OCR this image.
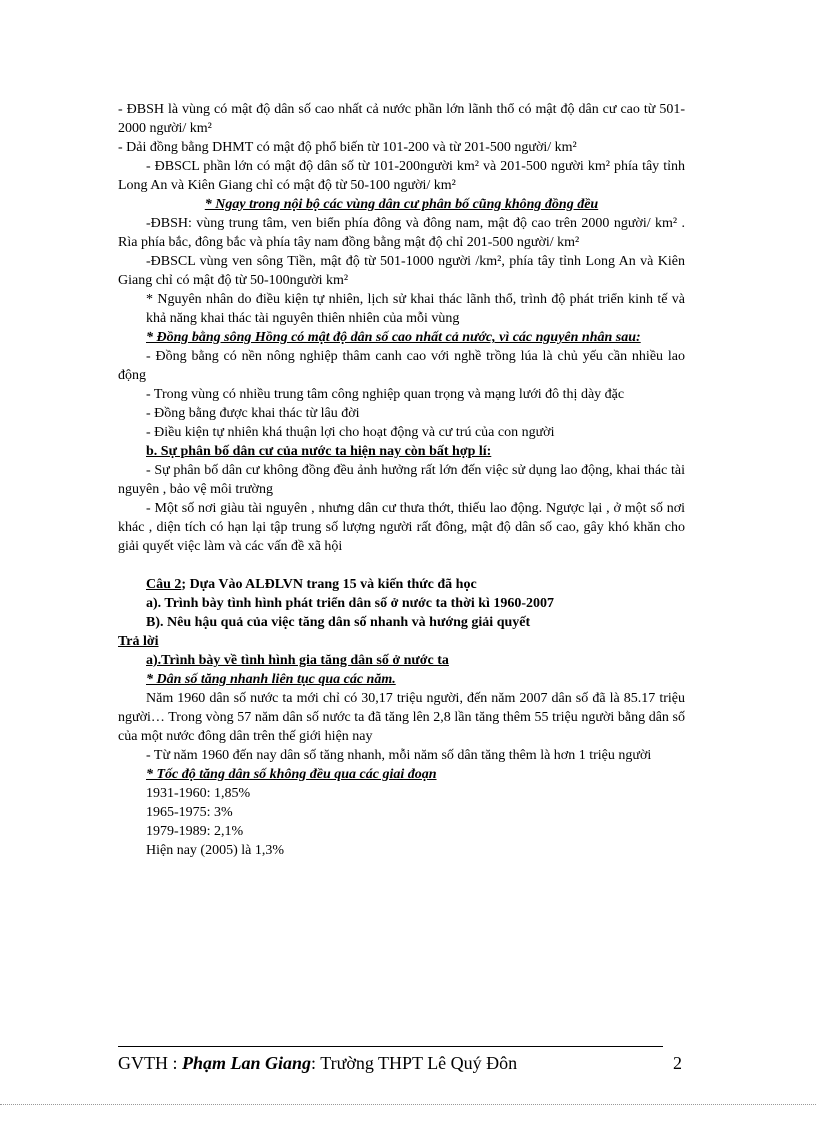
- ĐBSH là vùng có mật độ dân số cao nhất cả nước phần lớn lãnh thổ có mật độ dân cư cao từ 501-2000 người/ km²

- Dải đồng bằng DHMT có mật độ phổ biến từ 101-200 và từ 201-500 người/ km²

- ĐBSCL phần lớn có mật độ dân số từ 101-200người km² và 201-500 người km² phía tây tỉnh Long An và Kiên Giang chỉ có mật độ từ 50-100 người/ km²

* Ngay trong nội bộ các vùng dân cư phân bố cũng không đồng đều

-ĐBSH: vùng trung tâm, ven biển phía đông và đông nam, mật độ cao trên 2000 người/ km² . Rìa phía bắc, đông bắc và phía tây nam đồng bằng mật độ chỉ 201-500 người/ km²

-ĐBSCL vùng ven sông Tiền, mật độ từ 501-1000 người /km², phía tây tỉnh Long An và Kiên Giang chỉ có mật độ từ 50-100người km²

* Nguyên nhân do điều kiện tự nhiên, lịch sử khai thác lãnh thổ, trình độ phát triển kinh tế và khả năng khai thác tài nguyên thiên nhiên của mỗi vùng

* Đồng bằng sông Hồng có mật độ dân số cao nhất cả nước, vì các nguyên nhân sau:

- Đồng bằng có nền nông nghiệp thâm canh cao với nghề trồng lúa là chủ yếu cần nhiều lao động

- Trong vùng có nhiều trung tâm công nghiệp quan trọng và mạng lưới đô thị dày đặc

- Đồng bằng được khai thác từ lâu đời

- Điều kiện tự nhiên khá thuận lợi cho hoạt động và cư trú của con người

b. Sự phân bố dân cư của nước ta hiện nay còn bất hợp lí:

- Sự phân bố dân cư không đồng đều ảnh hưởng rất lớn đến việc sử dụng lao động, khai thác tài nguyên , bảo vệ môi trường

- Một số nơi giàu tài nguyên , nhưng dân cư thưa thớt, thiếu lao động. Ngược lại , ở một số nơi khác , diện tích có hạn lại tập trung số lượng người rất đông, mật độ dân số cao, gây khó khăn cho giải quyết việc làm và các vấn đề xã hội

Câu 2; Dựa Vào ALĐLVN trang 15 và kiến thức đã học

a). Trình bày tình hình phát triển dân số ở nước ta thời kì 1960-2007

B). Nêu hậu quả của việc tăng dân số nhanh và hướng giải quyết

Trả lời

a).Trình bày về tình hình gia tăng dân số ở nước ta

* Dân số tăng nhanh liên tục qua các năm.

Năm 1960 dân số nước ta mới chỉ có 30,17 triệu người, đến năm 2007 dân số đã là 85.17 triệu người… Trong vòng 57 năm dân số nước ta đã tăng lên 2,8 lần tăng thêm 55 triệu người bằng dân số của một nước đông dân trên thế giới hiện nay

- Từ năm 1960 đến nay dân số tăng nhanh, mỗi năm số dân tăng thêm là hơn 1 triệu người

* Tốc độ tăng dân số không đều qua các giai đoạn

1931-1960: 1,85%

1965-1975: 3%

1979-1989: 2,1%

Hiện nay (2005) là 1,3%

GVTH : Phạm Lan Giang: Trường THPT Lê Quý Đôn	2
